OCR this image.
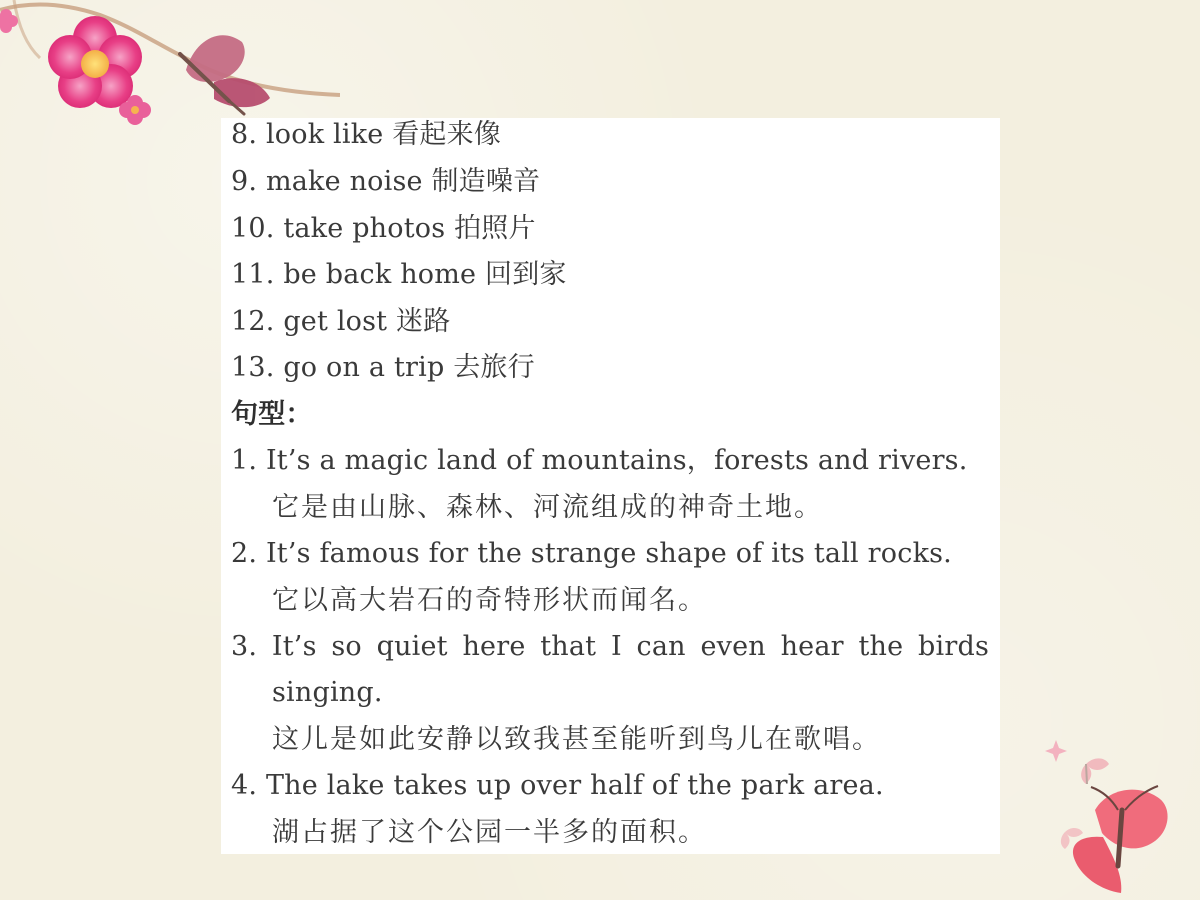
8. look like 看起来像
9. make noise 制造噪音
10. take photos 拍照片
11. be back home 回到家
12. get lost 迷路
13. go on a trip 去旅行
句型：
1. It’s a magic land of mountains，forests and rivers.
它是由山脉、森林、河流组成的神奇土地。
2. It’s famous for the strange shape of its tall rocks.
它以高大岩石的奇特形状而闻名。
3. It’s so quiet here that I can even hear the birds
singing.
这儿是如此安静以致我甚至能听到鸟儿在歌唱。
4. The lake takes up over half of the park area.
湖占据了这个公园一半多的面积。
